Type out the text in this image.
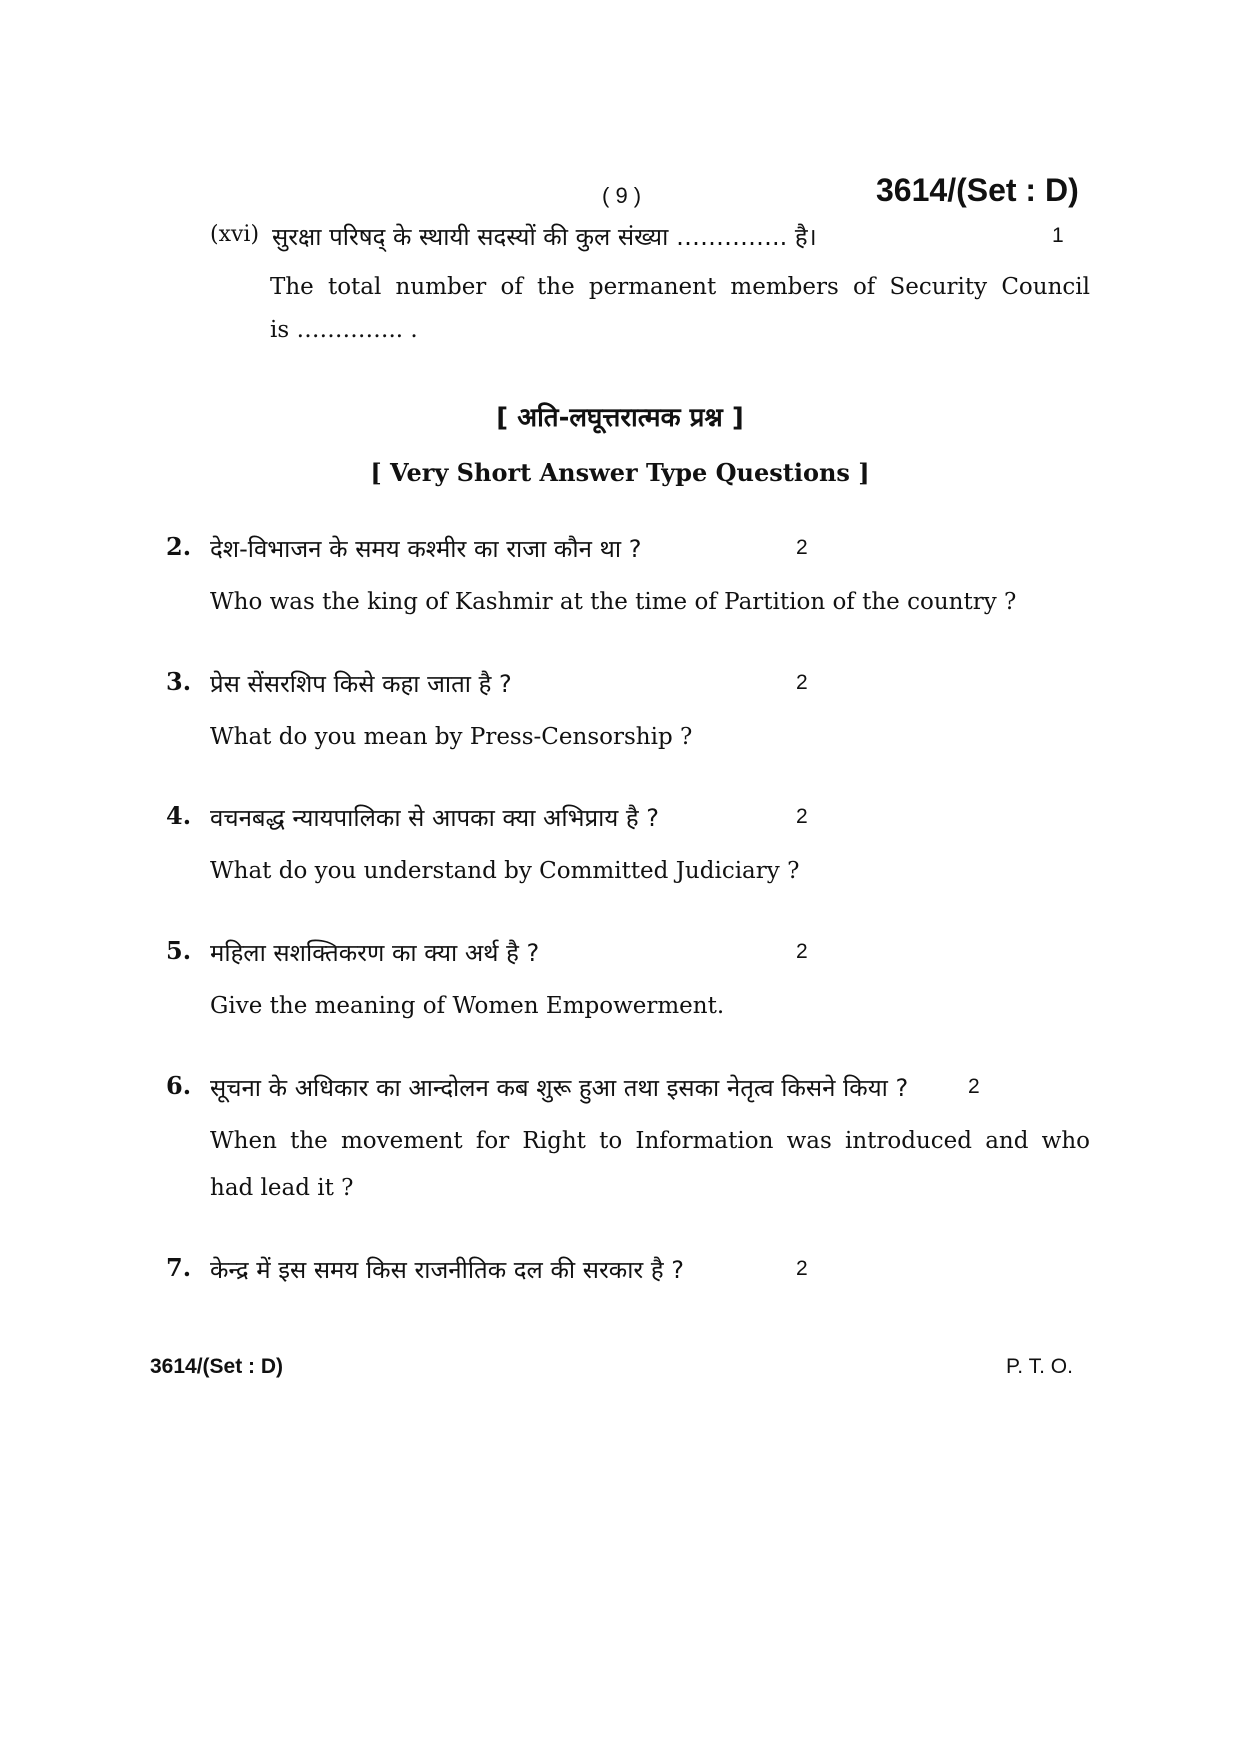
( 9 )	3614/(Set : D)
(xvi) सुरक्षा परिषद् के स्थायी सदस्यों की कुल संख्या ………….. है।	1
The total number of the permanent members of Security Council
is ………….. .
[ अति-लघूत्तरात्मक प्रश्न ]
[ Very Short Answer Type Questions ]
2. देश-विभाजन के समय कश्मीर का राजा कौन था ?	2
Who was the king of Kashmir at the time of Partition of the country ?
3. प्रेस सेंसरशिप किसे कहा जाता है ?	2
What do you mean by Press-Censorship ?
4. वचनबद्ध न्यायपालिका से आपका क्या अभिप्राय है ?	2
What do you understand by Committed Judiciary ?
5. महिला सशक्तिकरण का क्या अर्थ है ?	2
Give the meaning of Women Empowerment.
6. सूचना के अधिकार का आन्दोलन कब शुरू हुआ तथा इसका नेतृत्व किसने किया ?	2
When the movement for Right to Information was introduced and who
had lead it ?
7. केन्द्र में इस समय किस राजनीतिक दल की सरकार है ?	2
3614/(Set : D)	P. T. O.
